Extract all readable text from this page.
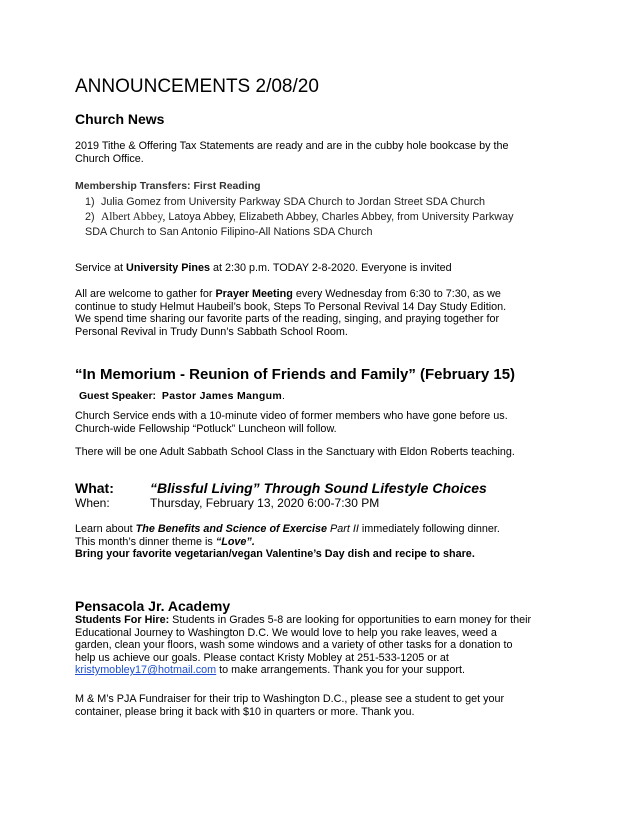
ANNOUNCEMENTS 2/08/20
Church News
2019 Tithe & Offering Tax Statements are ready and are in the cubby hole bookcase by the
Church Office.
Membership Transfers: First Reading
1) Julia Gomez from University Parkway SDA Church to Jordan Street SDA Church
2) Albert Abbey, Latoya Abbey, Elizabeth Abbey, Charles Abbey, from University Parkway
SDA Church to San Antonio Filipino-All Nations SDA Church
Service at University Pines at 2:30 p.m. TODAY 2-8-2020. Everyone is invited
All are welcome to gather for Prayer Meeting every Wednesday from 6:30 to 7:30, as we
continue to study Helmut Haubeil’s book, Steps To Personal Revival 14 Day Study Edition.
We spend time sharing our favorite parts of the reading, singing, and praying together for
Personal Revival in Trudy Dunn’s Sabbath School Room.
“In Memorium - Reunion of Friends and Family” (February 15)
Guest Speaker: Pastor James Mangum.
Church Service ends with a 10-minute video of former members who have gone before us.
Church-wide Fellowship “Potluck” Luncheon will follow.
There will be one Adult Sabbath School Class in the Sanctuary with Eldon Roberts teaching.
What:	“Blissful Living” Through Sound Lifestyle Choices
When:	Thursday, February 13, 2020 6:00-7:30 PM
Learn about The Benefits and Science of Exercise Part II immediately following dinner.
This month’s dinner theme is “Love”.
Bring your favorite vegetarian/vegan Valentine’s Day dish and recipe to share.
Pensacola Jr. Academy
Students For Hire: Students in Grades 5-8 are looking for opportunities to earn money for their
Educational Journey to Washington D.C. We would love to help you rake leaves, weed a
garden, clean your floors, wash some windows and a variety of other tasks for a donation to
help us achieve our goals. Please contact Kristy Mobley at 251-533-1205 or at
kristymobley17@hotmail.com to make arrangements. Thank you for your support.
M & M’s PJA Fundraiser for their trip to Washington D.C., please see a student to get your
container, please bring it back with $10 in quarters or more. Thank you.
